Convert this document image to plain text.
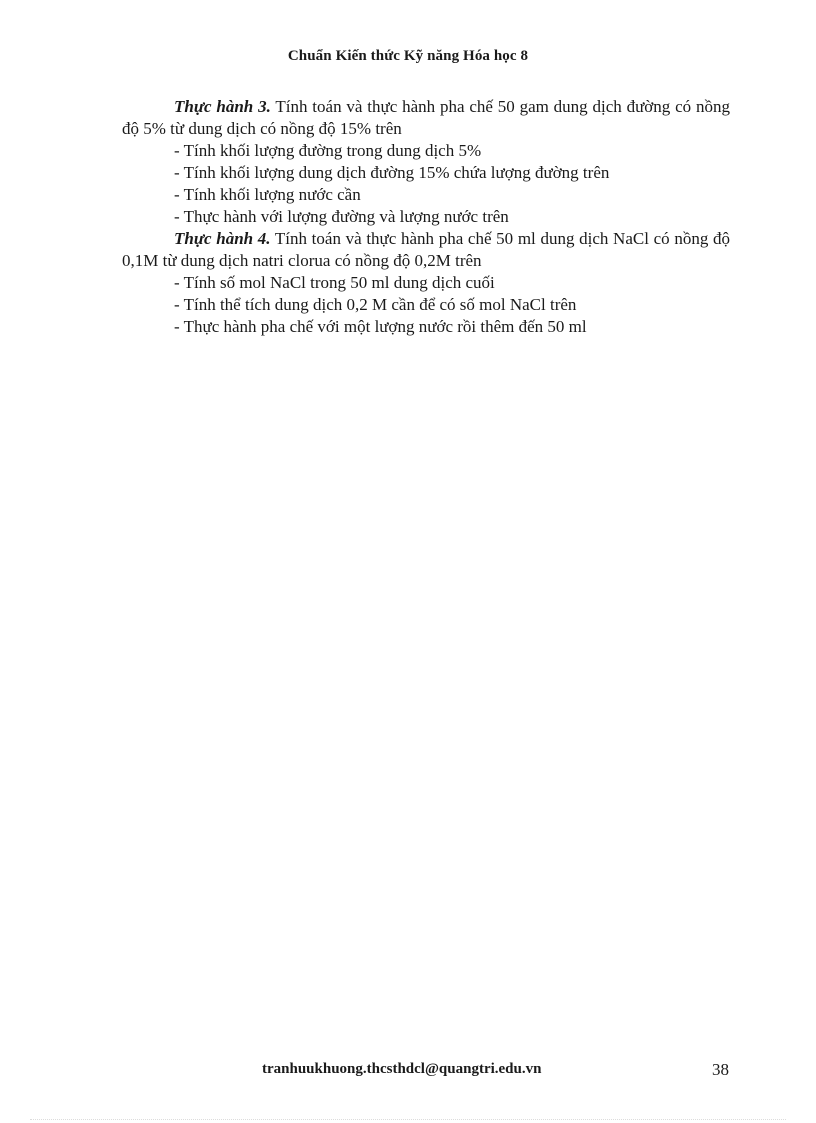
Chuẩn Kiến thức Kỹ năng Hóa học 8

Thực hành 3. Tính toán và thực hành pha chế 50 gam dung dịch đường có nồng độ 5% từ dung dịch có nồng độ 15% trên

- Tính khối lượng đường trong dung dịch 5%

- Tính khối lượng dung dịch đường 15% chứa lượng đường trên

- Tính khối lượng nước cần

- Thực hành với lượng đường và lượng nước trên

Thực hành 4. Tính toán và thực hành pha chế 50 ml dung dịch NaCl có nồng độ 0,1M từ dung dịch natri clorua có nồng độ 0,2M trên

- Tính số mol NaCl trong 50 ml dung dịch cuối

- Tính thể tích dung dịch 0,2 M cần để có số mol NaCl trên

- Thực hành pha chế với một lượng nước rồi thêm đến 50 ml

tranhuukhuong.thcsthdcl@quangtri.edu.vn	38
